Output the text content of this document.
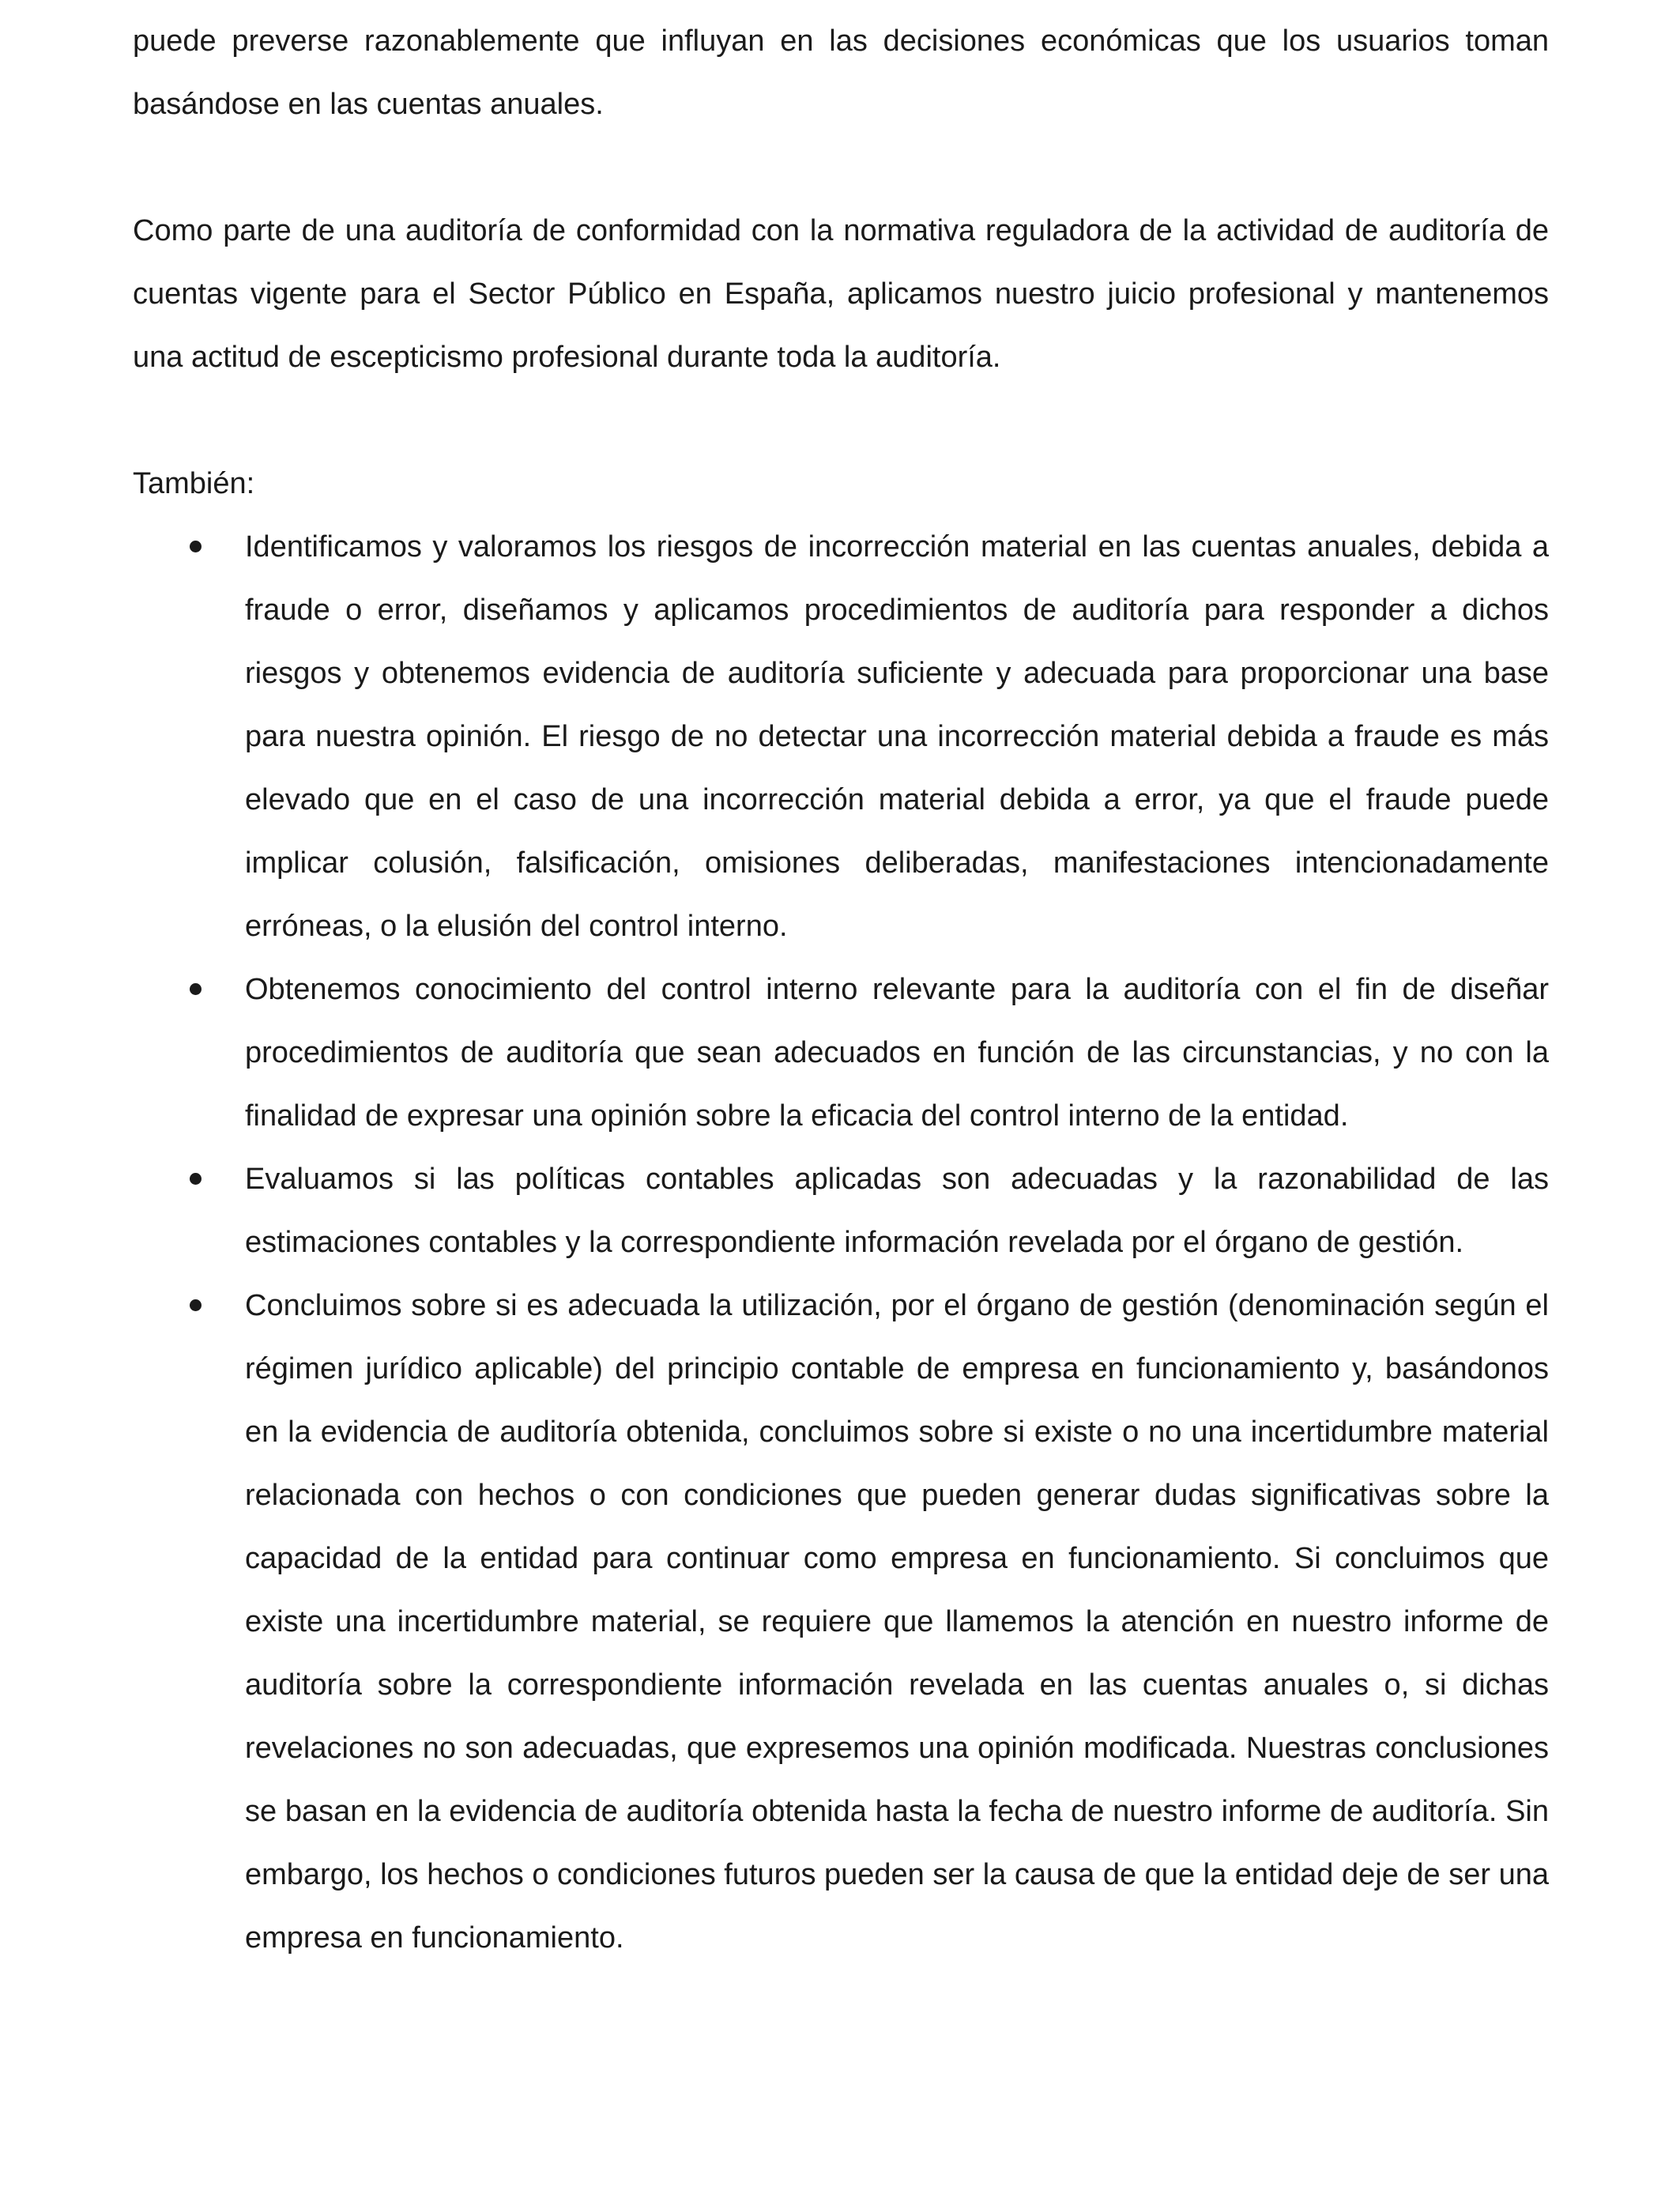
puede preverse razonablemente que influyan en las decisiones económicas que los usuarios toman basándose en las cuentas anuales.

Como parte de una auditoría de conformidad con la normativa reguladora de la actividad de auditoría de cuentas vigente para el Sector Público en España, aplicamos nuestro juicio profesional y mantenemos una actitud de escepticismo profesional durante toda la auditoría.

También:

Identificamos y valoramos los riesgos de incorrección material en las cuentas anuales, debida a fraude o error, diseñamos y aplicamos procedimientos de auditoría para responder a dichos riesgos y obtenemos evidencia de auditoría suficiente y adecuada para proporcionar una base para nuestra opinión. El riesgo de no detectar una incorrección material debida a fraude es más elevado que en el caso de una incorrección material debida a error, ya que el fraude puede implicar colusión, falsificación, omisiones deliberadas, manifestaciones intencionadamente erróneas, o la elusión del control interno.
Obtenemos conocimiento del control interno relevante para la auditoría con el fin de diseñar procedimientos de auditoría que sean adecuados en función de las circunstancias, y no con la finalidad de expresar una opinión sobre la eficacia del control interno de la entidad.
Evaluamos si las políticas contables aplicadas son adecuadas y la razonabilidad de las estimaciones contables y la correspondiente información revelada por el órgano de gestión.
Concluimos sobre si es adecuada la utilización, por el órgano de gestión (denominación según el régimen jurídico aplicable) del principio contable de empresa en funcionamiento y, basándonos en la evidencia de auditoría obtenida, concluimos sobre si existe o no una incertidumbre material relacionada con hechos o con condiciones que pueden generar dudas significativas sobre la capacidad de la entidad para continuar como empresa en funcionamiento. Si concluimos que existe una incertidumbre material, se requiere que llamemos la atención en nuestro informe de auditoría sobre la correspondiente información revelada en las cuentas anuales o, si dichas revelaciones no son adecuadas, que expresemos una opinión modificada. Nuestras conclusiones se basan en la evidencia de auditoría obtenida hasta la fecha de nuestro informe de auditoría. Sin embargo, los hechos o condiciones futuros pueden ser la causa de que la entidad deje de ser una empresa en funcionamiento.
